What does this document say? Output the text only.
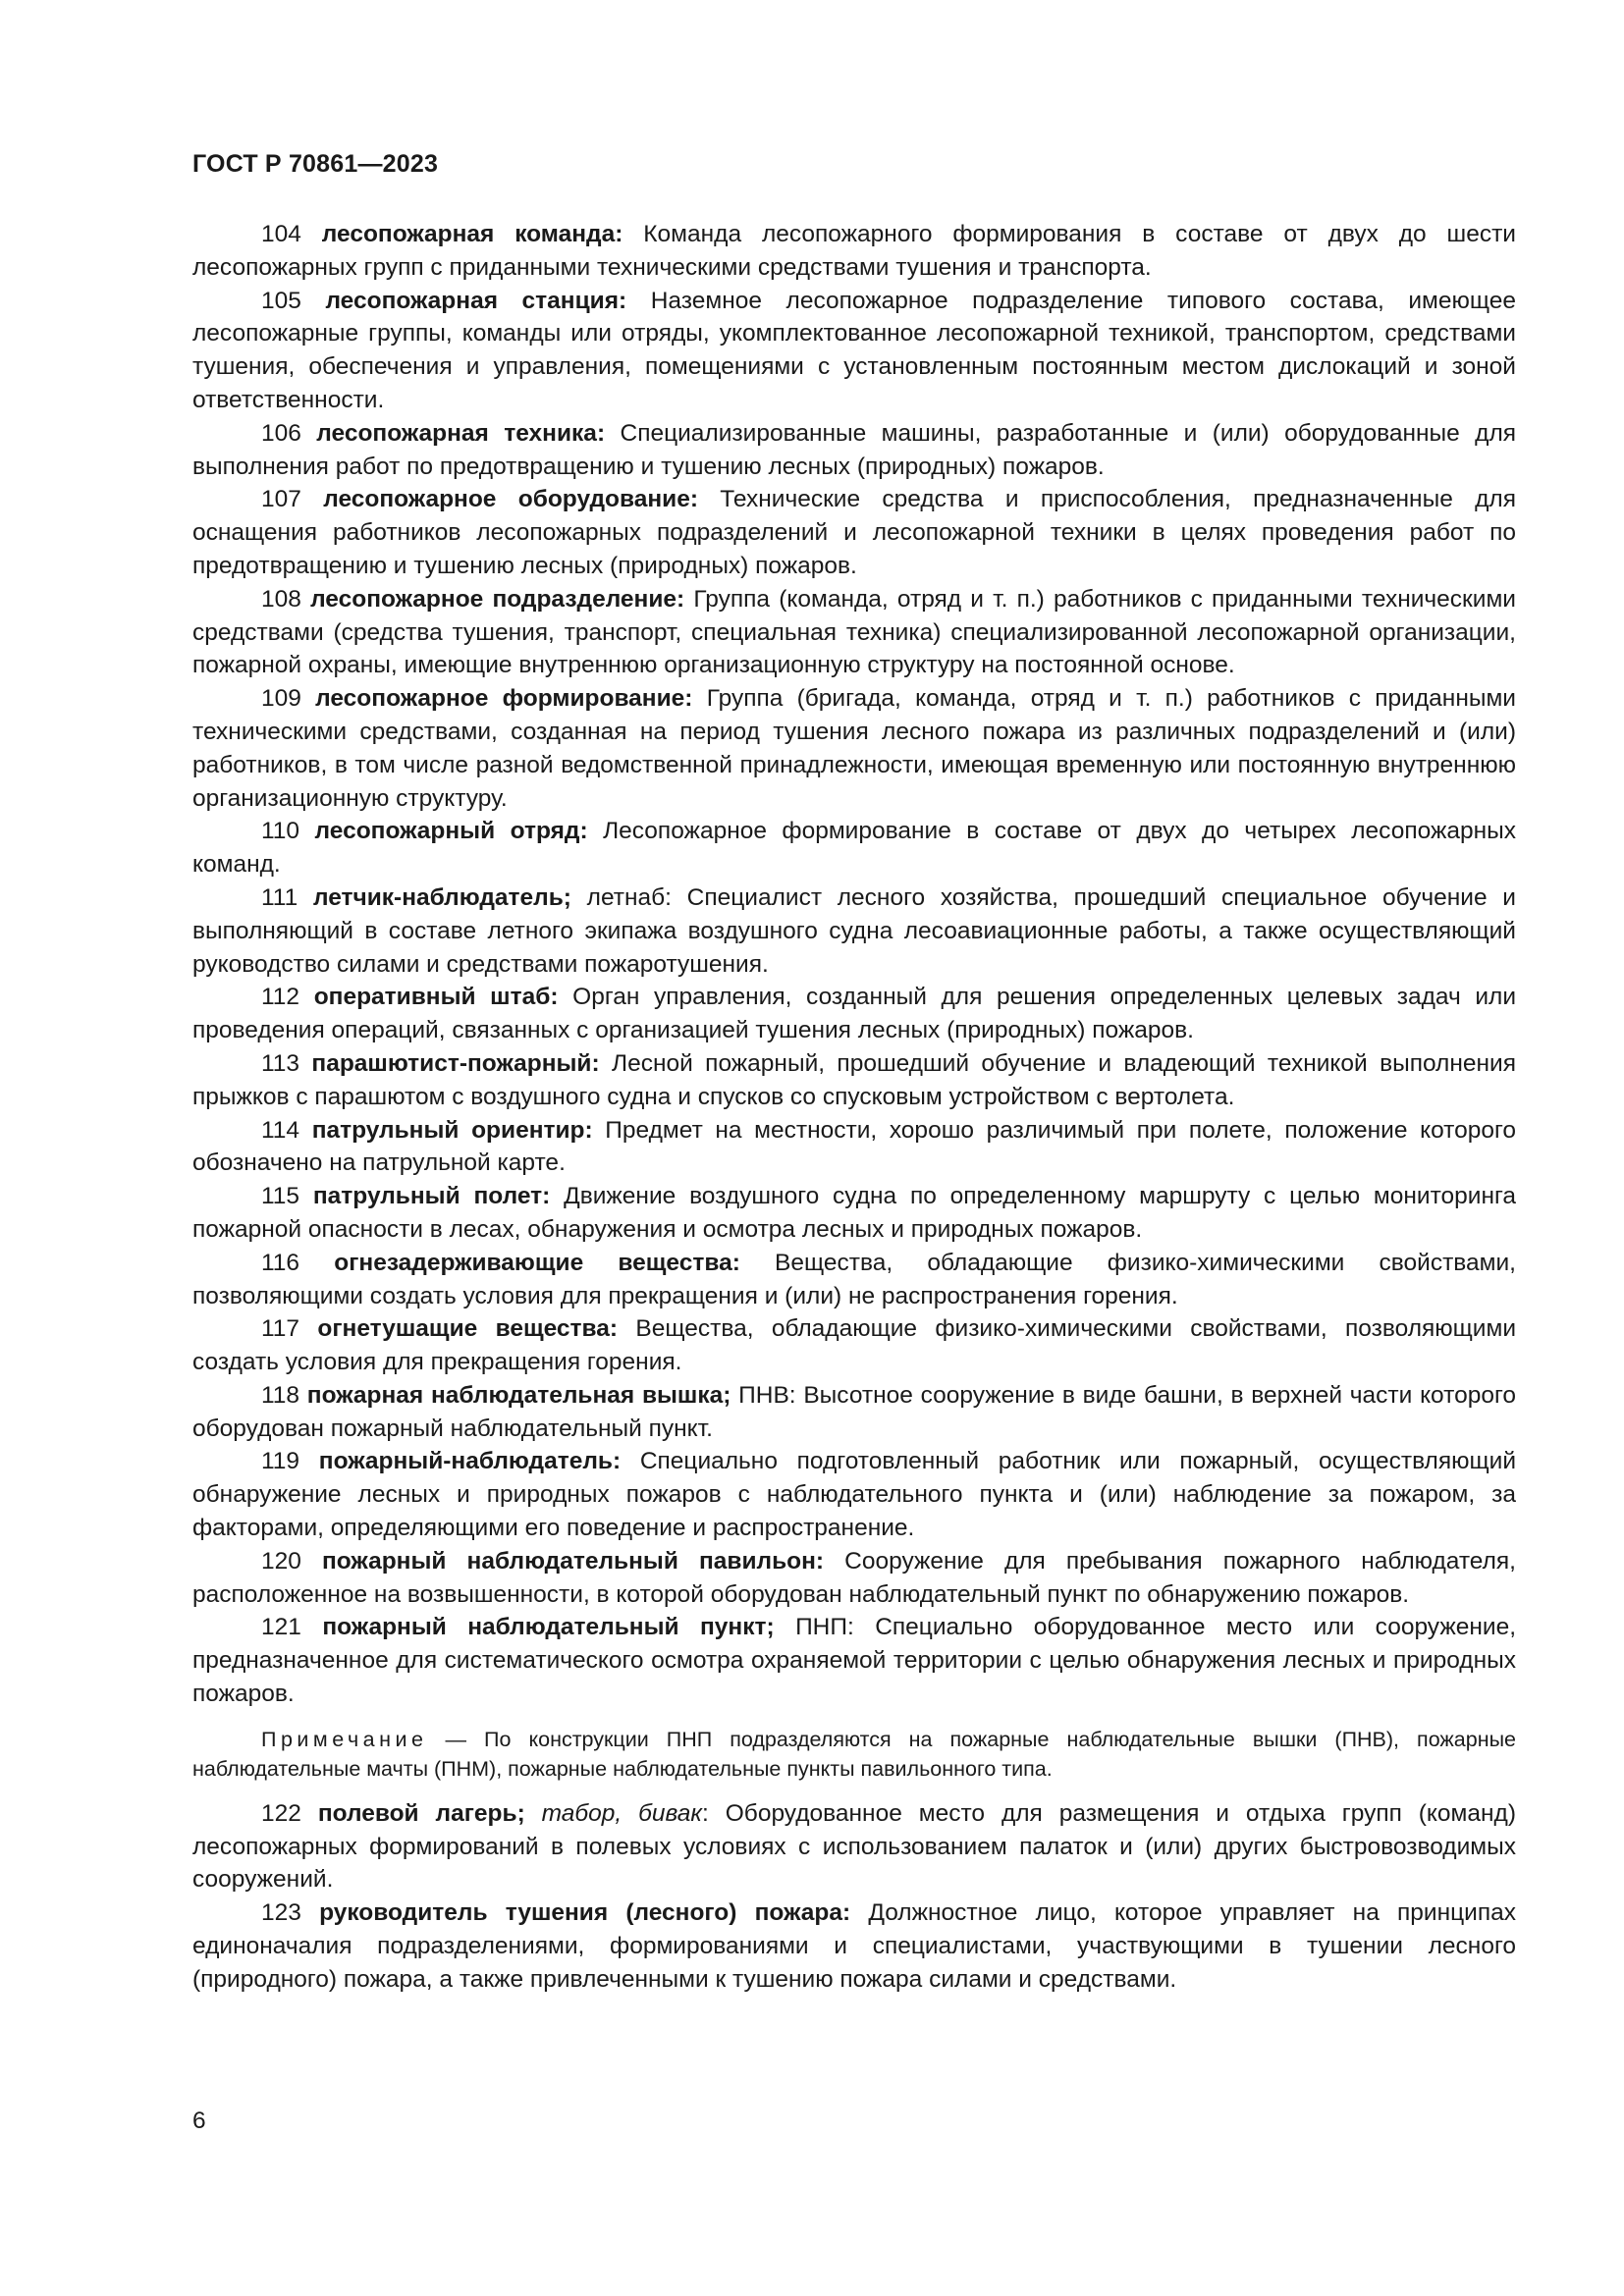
ГОСТ Р 70861—2023

104 лесопожарная команда: Команда лесопожарного формирования в составе от двух до шести лесопожарных групп с приданными техническими средствами тушения и транспорта.

105 лесопожарная станция: Наземное лесопожарное подразделение типового состава, имеющее лесопожарные группы, команды или отряды, укомплектованное лесопожарной техникой, транспортом, средствами тушения, обеспечения и управления, помещениями с установленным постоянным местом дислокаций и зоной ответственности.

106 лесопожарная техника: Специализированные машины, разработанные и (или) оборудованные для выполнения работ по предотвращению и тушению лесных (природных) пожаров.

107 лесопожарное оборудование: Технические средства и приспособления, предназначенные для оснащения работников лесопожарных подразделений и лесопожарной техники в целях проведения работ по предотвращению и тушению лесных (природных) пожаров.

108 лесопожарное подразделение: Группа (команда, отряд и т. п.) работников с приданными техническими средствами (средства тушения, транспорт, специальная техника) специализированной лесопожарной организации, пожарной охраны, имеющие внутреннюю организационную структуру на постоянной основе.

109 лесопожарное формирование: Группа (бригада, команда, отряд и т. п.) работников с приданными техническими средствами, созданная на период тушения лесного пожара из различных подразделений и (или) работников, в том числе разной ведомственной принадлежности, имеющая временную или постоянную внутреннюю организационную структуру.

110 лесопожарный отряд: Лесопожарное формирование в составе от двух до четырех лесопожарных команд.

111 летчик-наблюдатель; летнаб: Специалист лесного хозяйства, прошедший специальное обучение и выполняющий в составе летного экипажа воздушного судна лесоавиационные работы, а также осуществляющий руководство силами и средствами пожаротушения.

112 оперативный штаб: Орган управления, созданный для решения определенных целевых задач или проведения операций, связанных с организацией тушения лесных (природных) пожаров.

113 парашютист-пожарный: Лесной пожарный, прошедший обучение и владеющий техникой выполнения прыжков с парашютом с воздушного судна и спусков со спусковым устройством с вертолета.

114 патрульный ориентир: Предмет на местности, хорошо различимый при полете, положение которого обозначено на патрульной карте.

115 патрульный полет: Движение воздушного судна по определенному маршруту с целью мониторинга пожарной опасности в лесах, обнаружения и осмотра лесных и природных пожаров.

116 огнезадерживающие вещества: Вещества, обладающие физико-химическими свойствами, позволяющими создать условия для прекращения и (или) не распространения горения.

117 огнетушащие вещества: Вещества, обладающие физико-химическими свойствами, позволяющими создать условия для прекращения горения.

118 пожарная наблюдательная вышка; ПНВ: Высотное сооружение в виде башни, в верхней части которого оборудован пожарный наблюдательный пункт.

119 пожарный-наблюдатель: Специально подготовленный работник или пожарный, осуществляющий обнаружение лесных и природных пожаров с наблюдательного пункта и (или) наблюдение за пожаром, за факторами, определяющими его поведение и распространение.

120 пожарный наблюдательный павильон: Сооружение для пребывания пожарного наблюдателя, расположенное на возвышенности, в которой оборудован наблюдательный пункт по обнаружению пожаров.

121 пожарный наблюдательный пункт; ПНП: Специально оборудованное место или сооружение, предназначенное для систематического осмотра охраняемой территории с целью обнаружения лесных и природных пожаров.

Примечание — По конструкции ПНП подразделяются на пожарные наблюдательные вышки (ПНВ), пожарные наблюдательные мачты (ПНМ), пожарные наблюдательные пункты павильонного типа.

122 полевой лагерь; табор, бивак: Оборудованное место для размещения и отдыха групп (команд) лесопожарных формирований в полевых условиях с использованием палаток и (или) других быстровозводимых сооружений.

123 руководитель тушения (лесного) пожара: Должностное лицо, которое управляет на принципах единоначалия подразделениями, формированиями и специалистами, участвующими в тушении лесного (природного) пожара, а также привлеченными к тушению пожара силами и средствами.

6
